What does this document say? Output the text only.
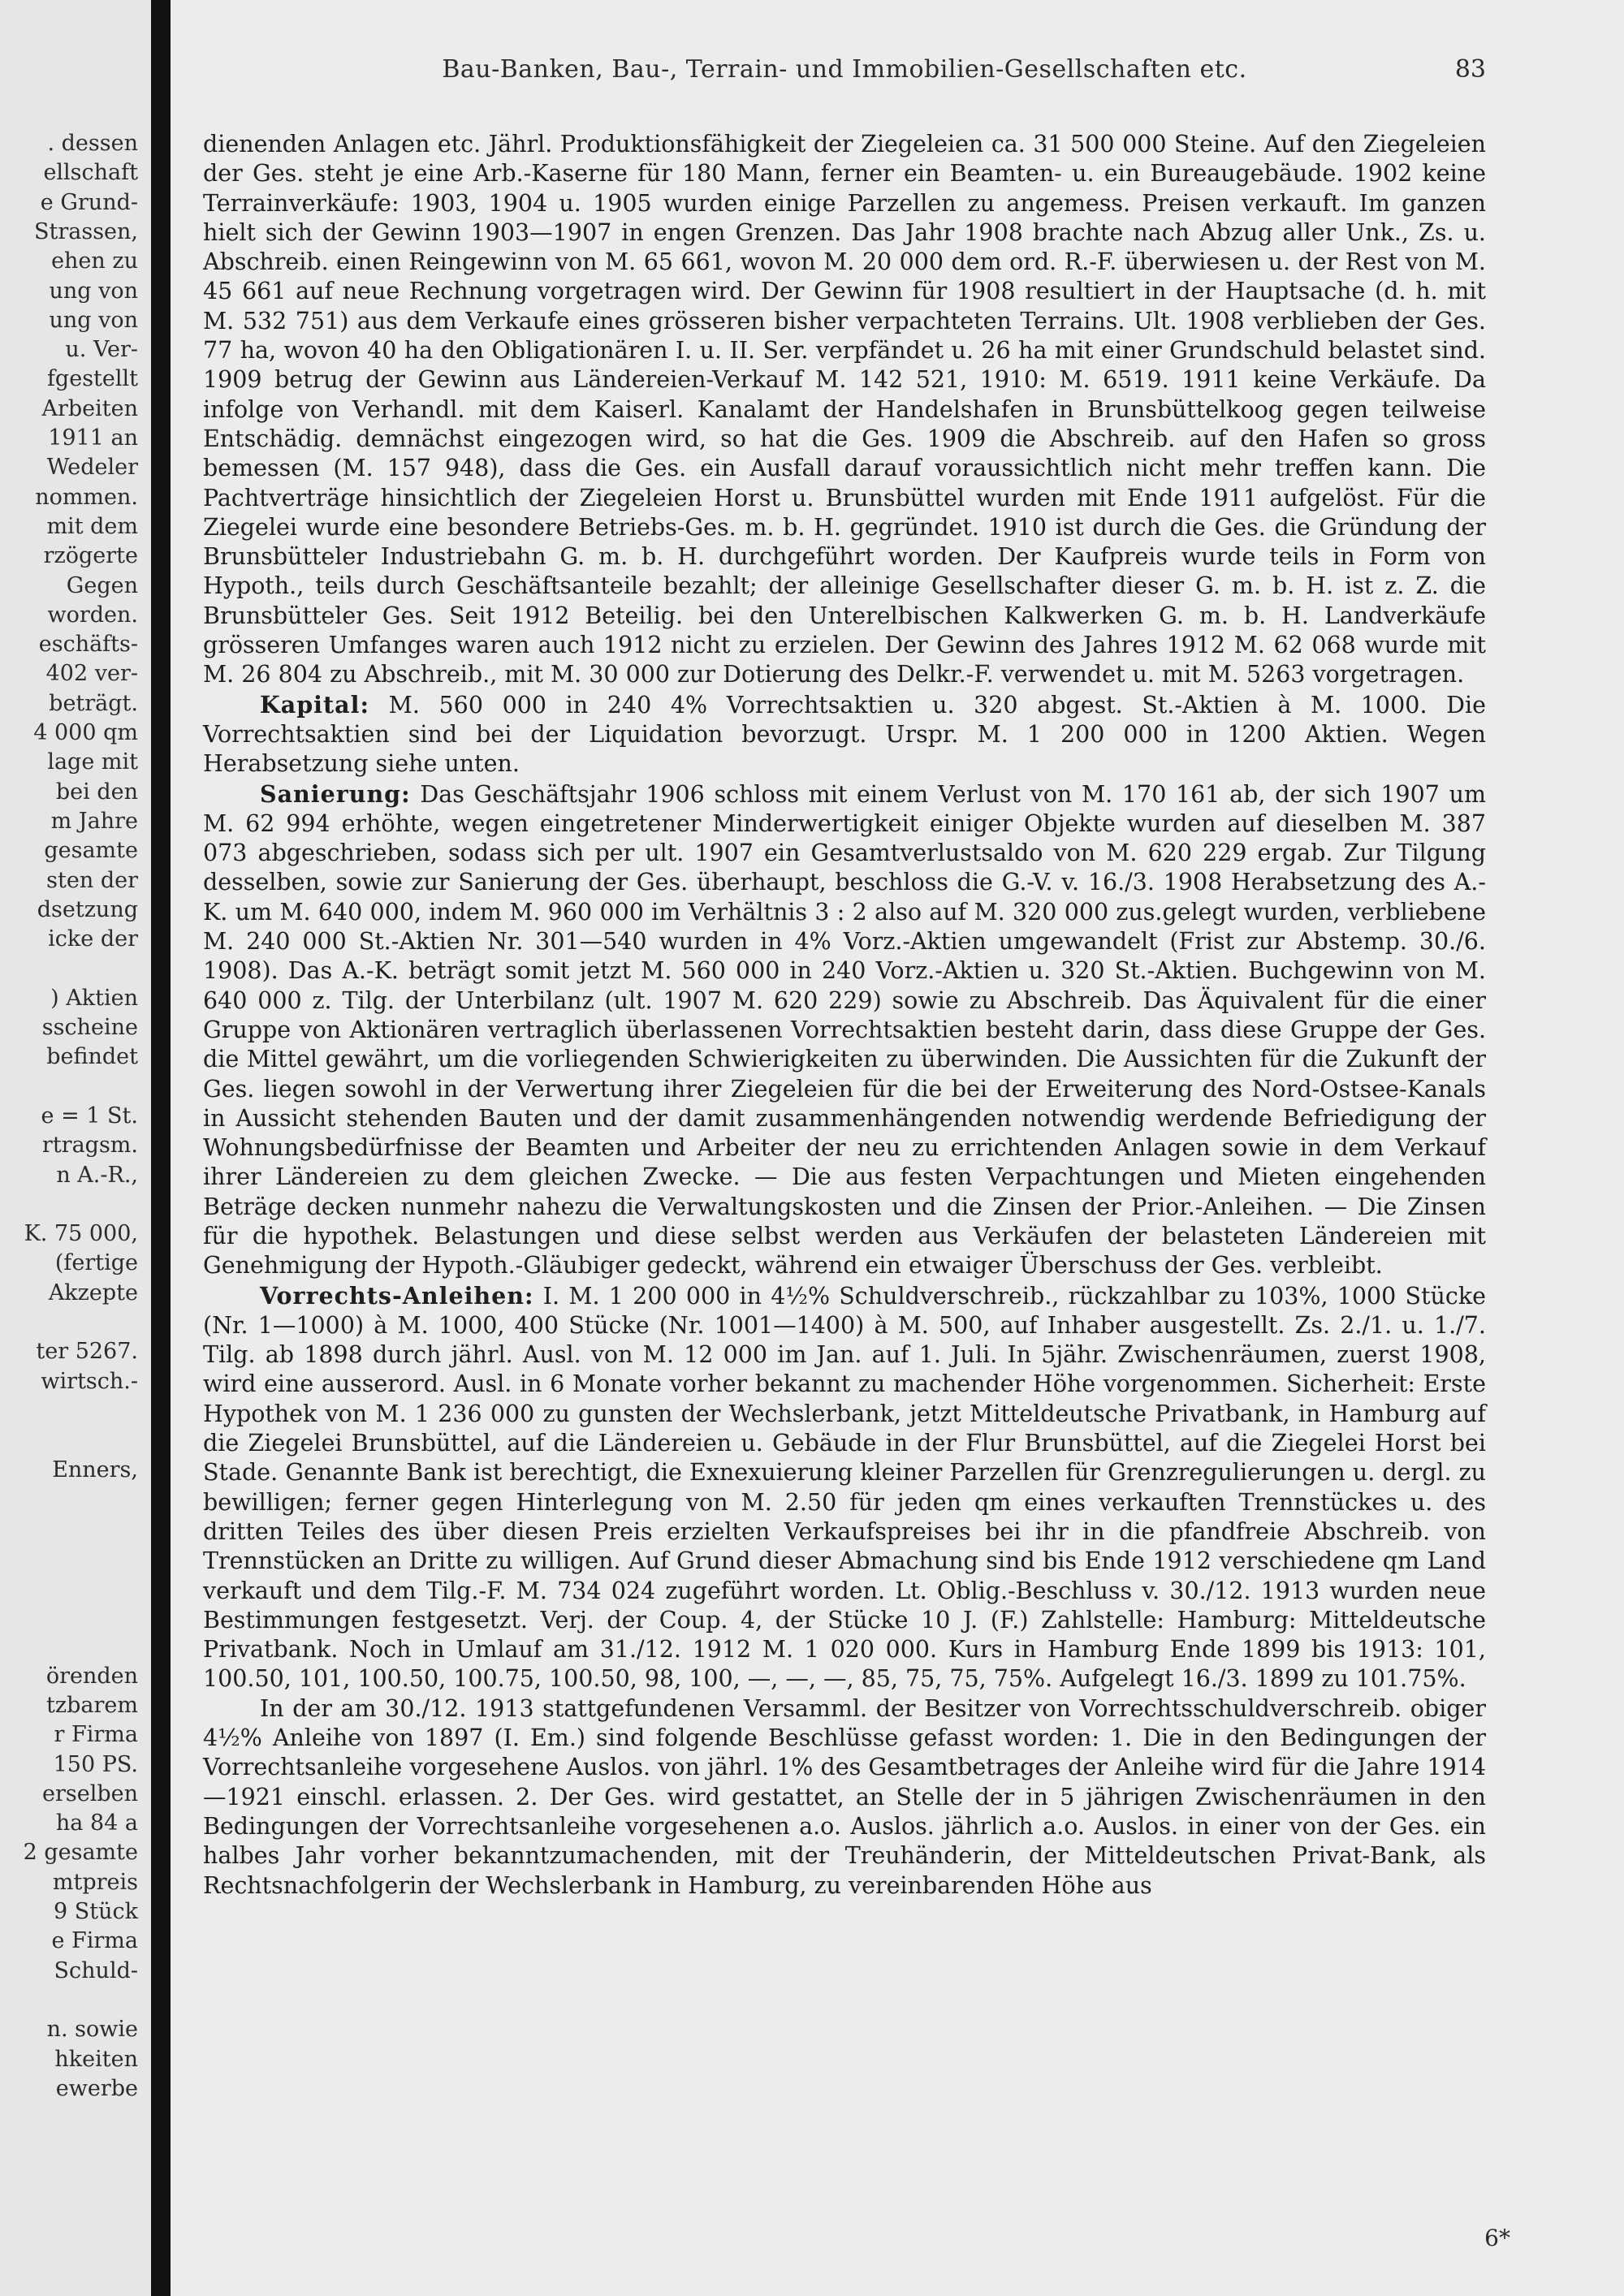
. dessen
ellschaft
e Grund-
Strassen,
ehen zu
ung von
ung von
u. Ver-
fgestellt
Arbeiten
1911 an
Wedeler
nommen.
mit dem
rzögerte
Gegen
worden.
eschäfts-
402 ver-
beträgt.
4 000 qm
lage mit
bei den
m Jahre
gesamte
sten der
dsetzung
icke der
) Aktien
sscheine
befindet
e = 1 St.
rtragsm.
n A.-R.,
K. 75 000,
(fertige
Akzepte
ter 5267.
wirtsch.-
Enners,
örenden
tzbarem
r Firma
150 PS.
erselben
ha 84 a
2 gesamte
mtpreis
9 Stück
e Firma
Schuld-
n. sowie
hkeiten
ewerbe
Bau-Banken, Bau-, Terrain- und Immobilien-Gesellschaften etc.	83

dienenden Anlagen etc. Jährl. Produktionsfähigkeit der Ziegeleien ca. 31 500 000 Steine. Auf den Ziegeleien der Ges. steht je eine Arb.-Kaserne für 180 Mann, ferner ein Beamten- u. ein Bureaugebäude. 1902 keine Terrainverkäufe: 1903, 1904 u. 1905 wurden einige Parzellen zu angemess. Preisen verkauft. Im ganzen hielt sich der Gewinn 1903—1907 in engen Grenzen. Das Jahr 1908 brachte nach Abzug aller Unk., Zs. u. Abschreib. einen Reingewinn von M. 65 661, wovon M. 20 000 dem ord. R.-F. überwiesen u. der Rest von M. 45 661 auf neue Rechnung vorgetragen wird. Der Gewinn für 1908 resultiert in der Hauptsache (d. h. mit M. 532 751) aus dem Verkaufe eines grösseren bisher verpachteten Terrains. Ult. 1908 verblieben der Ges. 77 ha, wovon 40 ha den Obligationären I. u. II. Ser. verpfändet u. 26 ha mit einer Grundschuld belastet sind. 1909 betrug der Gewinn aus Ländereien-Verkauf M. 142 521, 1910: M. 6519. 1911 keine Verkäufe. Da infolge von Verhandl. mit dem Kaiserl. Kanalamt der Handelshafen in Brunsbüttelkoog gegen teilweise Entschädig. demnächst eingezogen wird, so hat die Ges. 1909 die Abschreib. auf den Hafen so gross bemessen (M. 157 948), dass die Ges. ein Ausfall darauf voraussichtlich nicht mehr treffen kann. Die Pachtverträge hinsichtlich der Ziegeleien Horst u. Brunsbüttel wurden mit Ende 1911 aufgelöst. Für die Ziegelei wurde eine besondere Betriebs-Ges. m. b. H. gegründet. 1910 ist durch die Ges. die Gründung der Brunsbütteler Industriebahn G. m. b. H. durchgeführt worden. Der Kaufpreis wurde teils in Form von Hypoth., teils durch Geschäftsanteile bezahlt; der alleinige Gesellschafter dieser G. m. b. H. ist z. Z. die Brunsbütteler Ges. Seit 1912 Beteilig. bei den Unterelbischen Kalkwerken G. m. b. H. Landverkäufe grösseren Umfanges waren auch 1912 nicht zu erzielen. Der Gewinn des Jahres 1912 M. 62 068 wurde mit M. 26 804 zu Abschreib., mit M. 30 000 zur Dotierung des Delkr.-F. verwendet u. mit M. 5263 vorgetragen.

Kapital: M. 560 000 in 240 4% Vorrechtsaktien u. 320 abgest. St.-Aktien à M. 1000. Die Vorrechtsaktien sind bei der Liquidation bevorzugt. Urspr. M. 1 200 000 in 1200 Aktien. Wegen Herabsetzung siehe unten.

Sanierung: Das Geschäftsjahr 1906 schloss mit einem Verlust von M. 170 161 ab, der sich 1907 um M. 62 994 erhöhte, wegen eingetretener Minderwertigkeit einiger Objekte wurden auf dieselben M. 387 073 abgeschrieben, sodass sich per ult. 1907 ein Gesamtverlustsaldo von M. 620 229 ergab. Zur Tilgung desselben, sowie zur Sanierung der Ges. überhaupt, beschloss die G.-V. v. 16./3. 1908 Herabsetzung des A.-K. um M. 640 000, indem M. 960 000 im Verhältnis 3 : 2 also auf M. 320 000 zus.gelegt wurden, verbliebene M. 240 000 St.-Aktien Nr. 301—540 wurden in 4% Vorz.-Aktien umgewandelt (Frist zur Abstemp. 30./6. 1908). Das A.-K. beträgt somit jetzt M. 560 000 in 240 Vorz.-Aktien u. 320 St.-Aktien. Buchgewinn von M. 640 000 z. Tilg. der Unterbilanz (ult. 1907 M. 620 229) sowie zu Abschreib. Das Äquivalent für die einer Gruppe von Aktionären vertraglich überlassenen Vorrechtsaktien besteht darin, dass diese Gruppe der Ges. die Mittel gewährt, um die vorliegenden Schwierigkeiten zu überwinden. Die Aussichten für die Zukunft der Ges. liegen sowohl in der Verwertung ihrer Ziegeleien für die bei der Erweiterung des Nord-Ostsee-Kanals in Aussicht stehenden Bauten und der damit zusammenhängenden notwendig werdende Befriedigung der Wohnungsbedürfnisse der Beamten und Arbeiter der neu zu errichtenden Anlagen sowie in dem Verkauf ihrer Ländereien zu dem gleichen Zwecke. — Die aus festen Verpachtungen und Mieten eingehenden Beträge decken nunmehr nahezu die Verwaltungskosten und die Zinsen der Prior.-Anleihen. — Die Zinsen für die hypothek. Belastungen und diese selbst werden aus Verkäufen der belasteten Ländereien mit Genehmigung der Hypoth.-Gläubiger gedeckt, während ein etwaiger Überschuss der Ges. verbleibt.

Vorrechts-Anleihen: I. M. 1 200 000 in 4½% Schuldverschreib., rückzahlbar zu 103%, 1000 Stücke (Nr. 1—1000) à M. 1000, 400 Stücke (Nr. 1001—1400) à M. 500, auf Inhaber ausgestellt. Zs. 2./1. u. 1./7. Tilg. ab 1898 durch jährl. Ausl. von M. 12 000 im Jan. auf 1. Juli. In 5jähr. Zwischenräumen, zuerst 1908, wird eine ausserord. Ausl. in 6 Monate vorher bekannt zu machender Höhe vorgenommen. Sicherheit: Erste Hypothek von M. 1 236 000 zu gunsten der Wechslerbank, jetzt Mitteldeutsche Privatbank, in Hamburg auf die Ziegelei Brunsbüttel, auf die Ländereien u. Gebäude in der Flur Brunsbüttel, auf die Ziegelei Horst bei Stade. Genannte Bank ist berechtigt, die Exnexuierung kleiner Parzellen für Grenzregulierungen u. dergl. zu bewilligen; ferner gegen Hinterlegung von M. 2.50 für jeden qm eines verkauften Trennstückes u. des dritten Teiles des über diesen Preis erzielten Verkaufspreises bei ihr in die pfandfreie Abschreib. von Trennstücken an Dritte zu willigen. Auf Grund dieser Abmachung sind bis Ende 1912 verschiedene qm Land verkauft und dem Tilg.-F. M. 734 024 zugeführt worden. Lt. Oblig.-Beschluss v. 30./12. 1913 wurden neue Bestimmungen festgesetzt. Verj. der Coup. 4, der Stücke 10 J. (F.) Zahlstelle: Hamburg: Mitteldeutsche Privatbank. Noch in Umlauf am 31./12. 1912 M. 1 020 000. Kurs in Hamburg Ende 1899 bis 1913: 101, 100.50, 101, 100.50, 100.75, 100.50, 98, 100, —, —, —, 85, 75, 75, 75%. Aufgelegt 16./3. 1899 zu 101.75%.

In der am 30./12. 1913 stattgefundenen Versamml. der Besitzer von Vorrechtsschuldverschreib. obiger 4½% Anleihe von 1897 (I. Em.) sind folgende Beschlüsse gefasst worden: 1. Die in den Bedingungen der Vorrechtsanleihe vorgesehene Auslos. von jährl. 1% des Gesamtbetrages der Anleihe wird für die Jahre 1914—1921 einschl. erlassen. 2. Der Ges. wird gestattet, an Stelle der in 5 jährigen Zwischenräumen in den Bedingungen der Vorrechtsanleihe vorgesehenen a.o. Auslos. jährlich a.o. Auslos. in einer von der Ges. ein halbes Jahr vorher bekanntzumachenden, mit der Treuhänderin, der Mitteldeutschen Privat-Bank, als Rechtsnachfolgerin der Wechslerbank in Hamburg, zu vereinbarenden Höhe aus

6*
